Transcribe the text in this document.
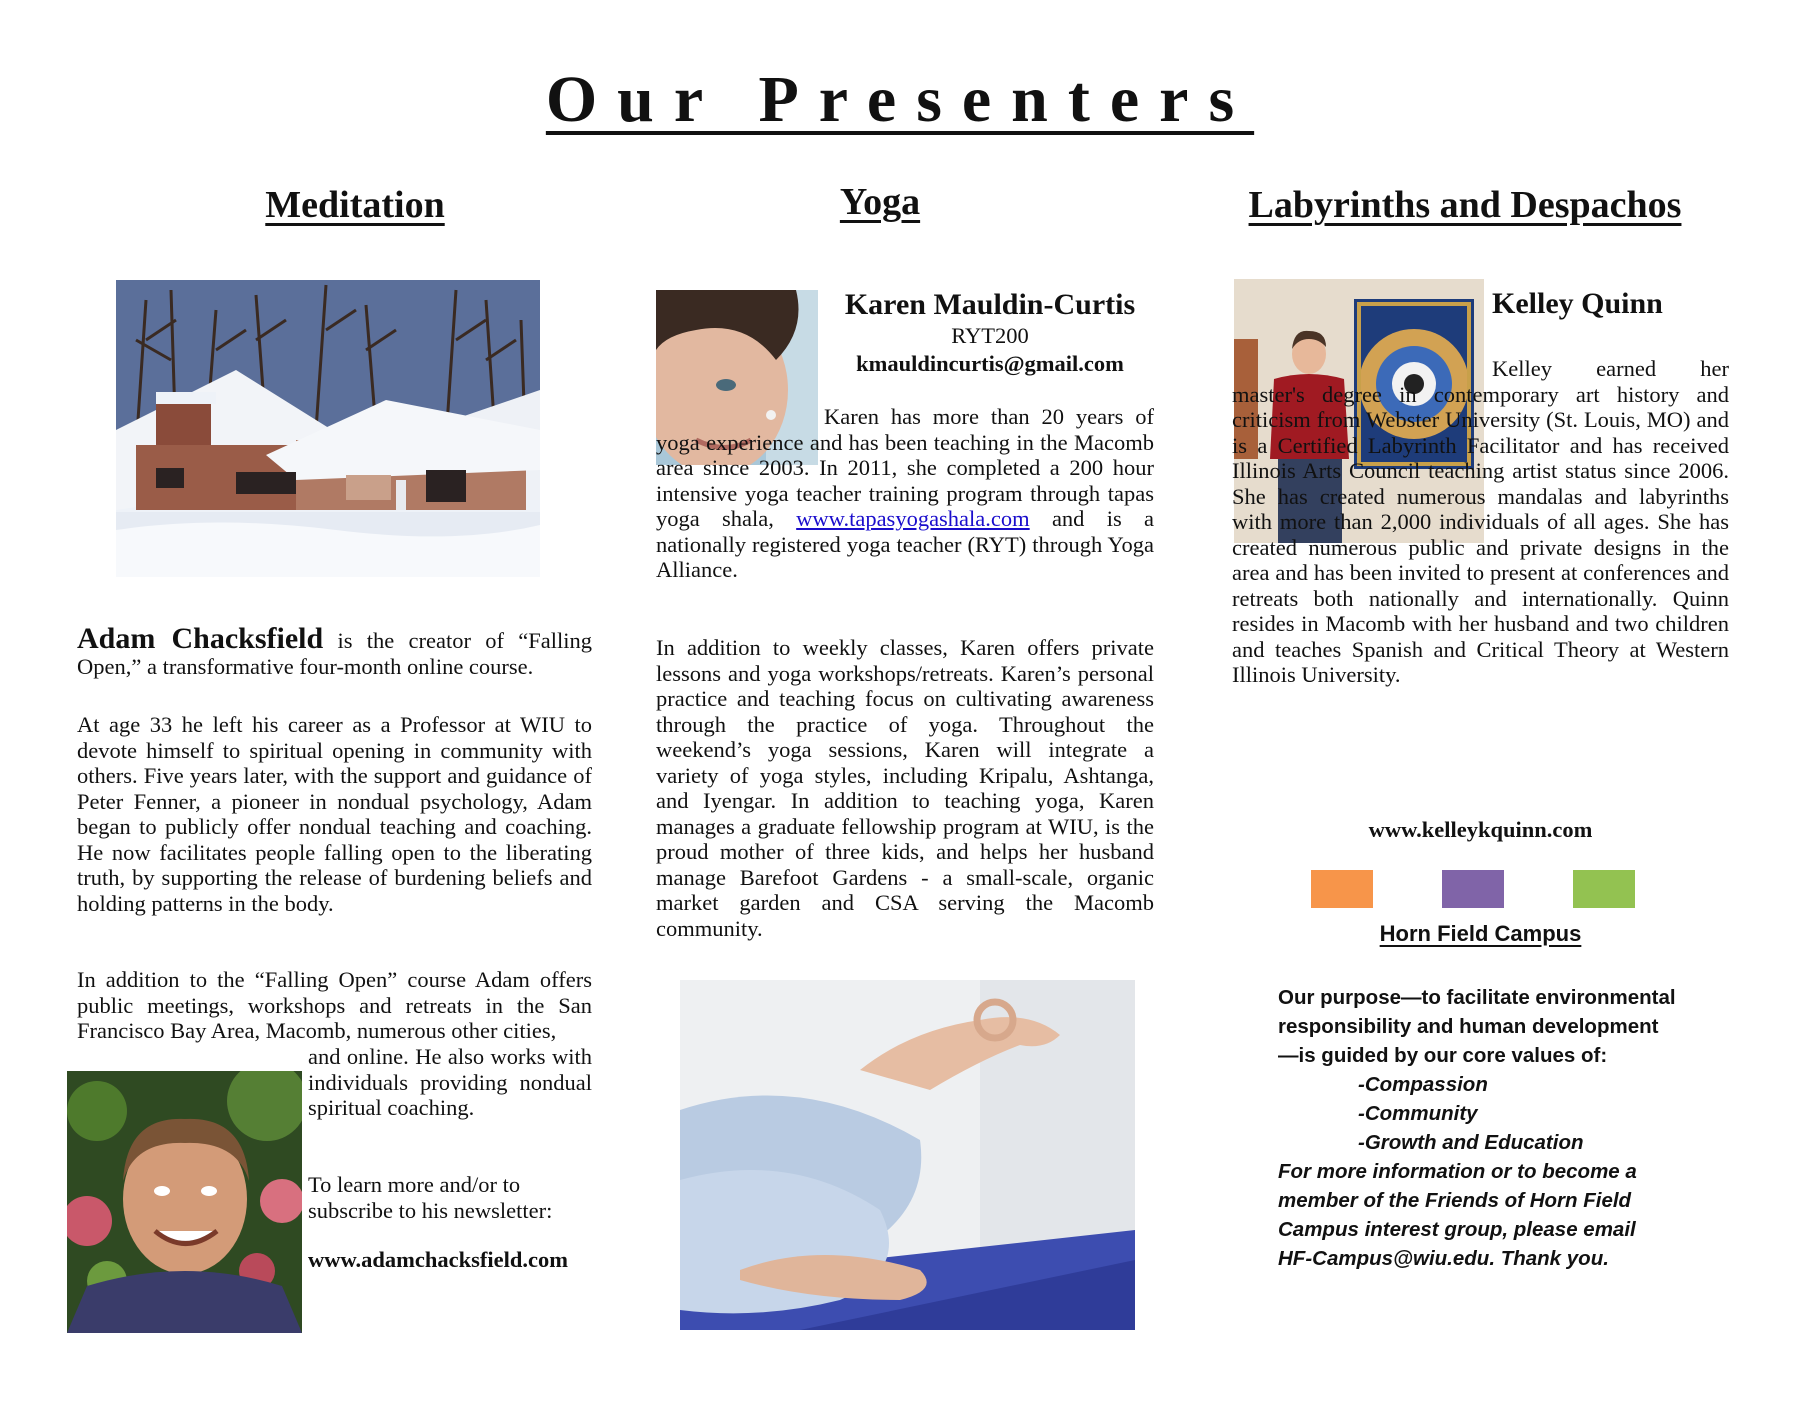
Our Presenters
Meditation
Adam Chacksfield is the creator of “Falling Open,” a transformative four-month online course.

At age 33 he left his career as a Professor at WIU to devote himself to spiritual opening in community with others. Five years later, with the support and guidance of Peter Fenner, a pioneer in nondual psychology, Adam began to publicly offer nondual teaching and coaching. He now facilitates people falling open to the liberating truth, by supporting the release of burdening beliefs and holding patterns in the body.

In addition to the “Falling Open” course Adam offers public meetings, workshops and retreats in the San Francisco Bay Area, Macomb, numerous other cities,

and online. He also works with individuals providing nondual spiritual coaching.

To learn more and/or to subscribe to his newsletter:

www.adamchacksfield.com
Yoga
Karen Mauldin-Curtis
RYT200
kmauldincurtis@gmail.com

Karen has more than 20 years of yoga experience and has been teaching in the Macomb area since 2003. In 2011, she completed a 200 hour intensive yoga teacher training program through tapas yoga shala, www.tapasyogashala.com and is a nationally registered yoga teacher (RYT) through Yoga Alliance.

In addition to weekly classes, Karen offers private lessons and yoga workshops/retreats. Karen’s personal practice and teaching focus on cultivating awareness through the practice of yoga. Throughout the weekend’s yoga sessions, Karen will integrate a variety of yoga styles, including Kripalu, Ashtanga, and Iyengar. In addition to teaching yoga, Karen manages a graduate fellowship program at WIU, is the proud mother of three kids, and helps her husband manage Barefoot Gardens - a small-scale, organic market garden and CSA serving the Macomb community.

Labyrinths and Despachos
Kelley Quinn

Kelley earned her master's degree in contemporary art history and criticism from Webster University (St. Louis, MO) and is a Certified Labyrinth Facilitator and has received Illinois Arts Council teaching artist status since 2006. She has created numerous mandalas and labyrinths with more than 2,000 individuals of all ages. She has created numerous public and private designs in the area and has been invited to present at conferences and retreats both nationally and internationally. Quinn resides in Macomb with her husband and two children and teaches Spanish and Critical Theory at Western Illinois University.

www.kelleykquinn.com
Horn Field Campus
Our purpose—to facilitate environmental responsibility and human development—is guided by our core values of:
-Compassion
-Community
-Growth and Education
For more information or to become a member of the Friends of Horn Field Campus interest group, please email HF-Campus@wiu.edu. Thank you.
